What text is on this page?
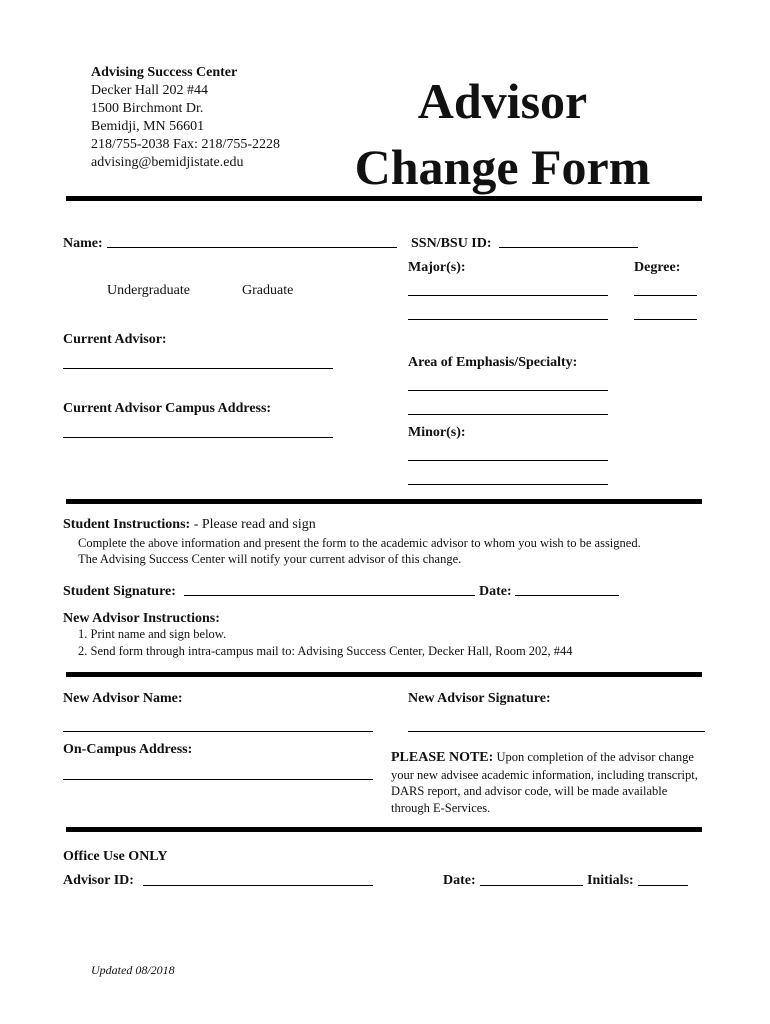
Advising Success Center
Decker Hall 202 #44
1500 Birchmont Dr.
Bemidji, MN 56601
218/755-2038 Fax: 218/755-2228
advising@bemidjistate.edu
Advisor
Change Form
Name:	SSN/BSU ID:
Major(s):	Degree:
Undergraduate	Graduate
Current Advisor:
Area of Emphasis/Specialty:
Current Advisor Campus Address:
Minor(s):
Student Instructions: - Please read and sign
Complete the above information and present the form to the academic advisor to whom you wish to be assigned.
The Advising Success Center will notify your current advisor of this change.
Student Signature:	Date:
New Advisor Instructions:
1. Print name and sign below.
2. Send form through intra-campus mail to: Advising Success Center, Decker Hall, Room 202, #44
New Advisor Name:	New Advisor Signature:
On-Campus Address:
PLEASE NOTE: Upon completion of the advisor change your new advisee academic information, including transcript, DARS report, and advisor code, will be made available through E-Services.
Office Use ONLY
Advisor ID:	Date:	Initials:
Updated 08/2018
